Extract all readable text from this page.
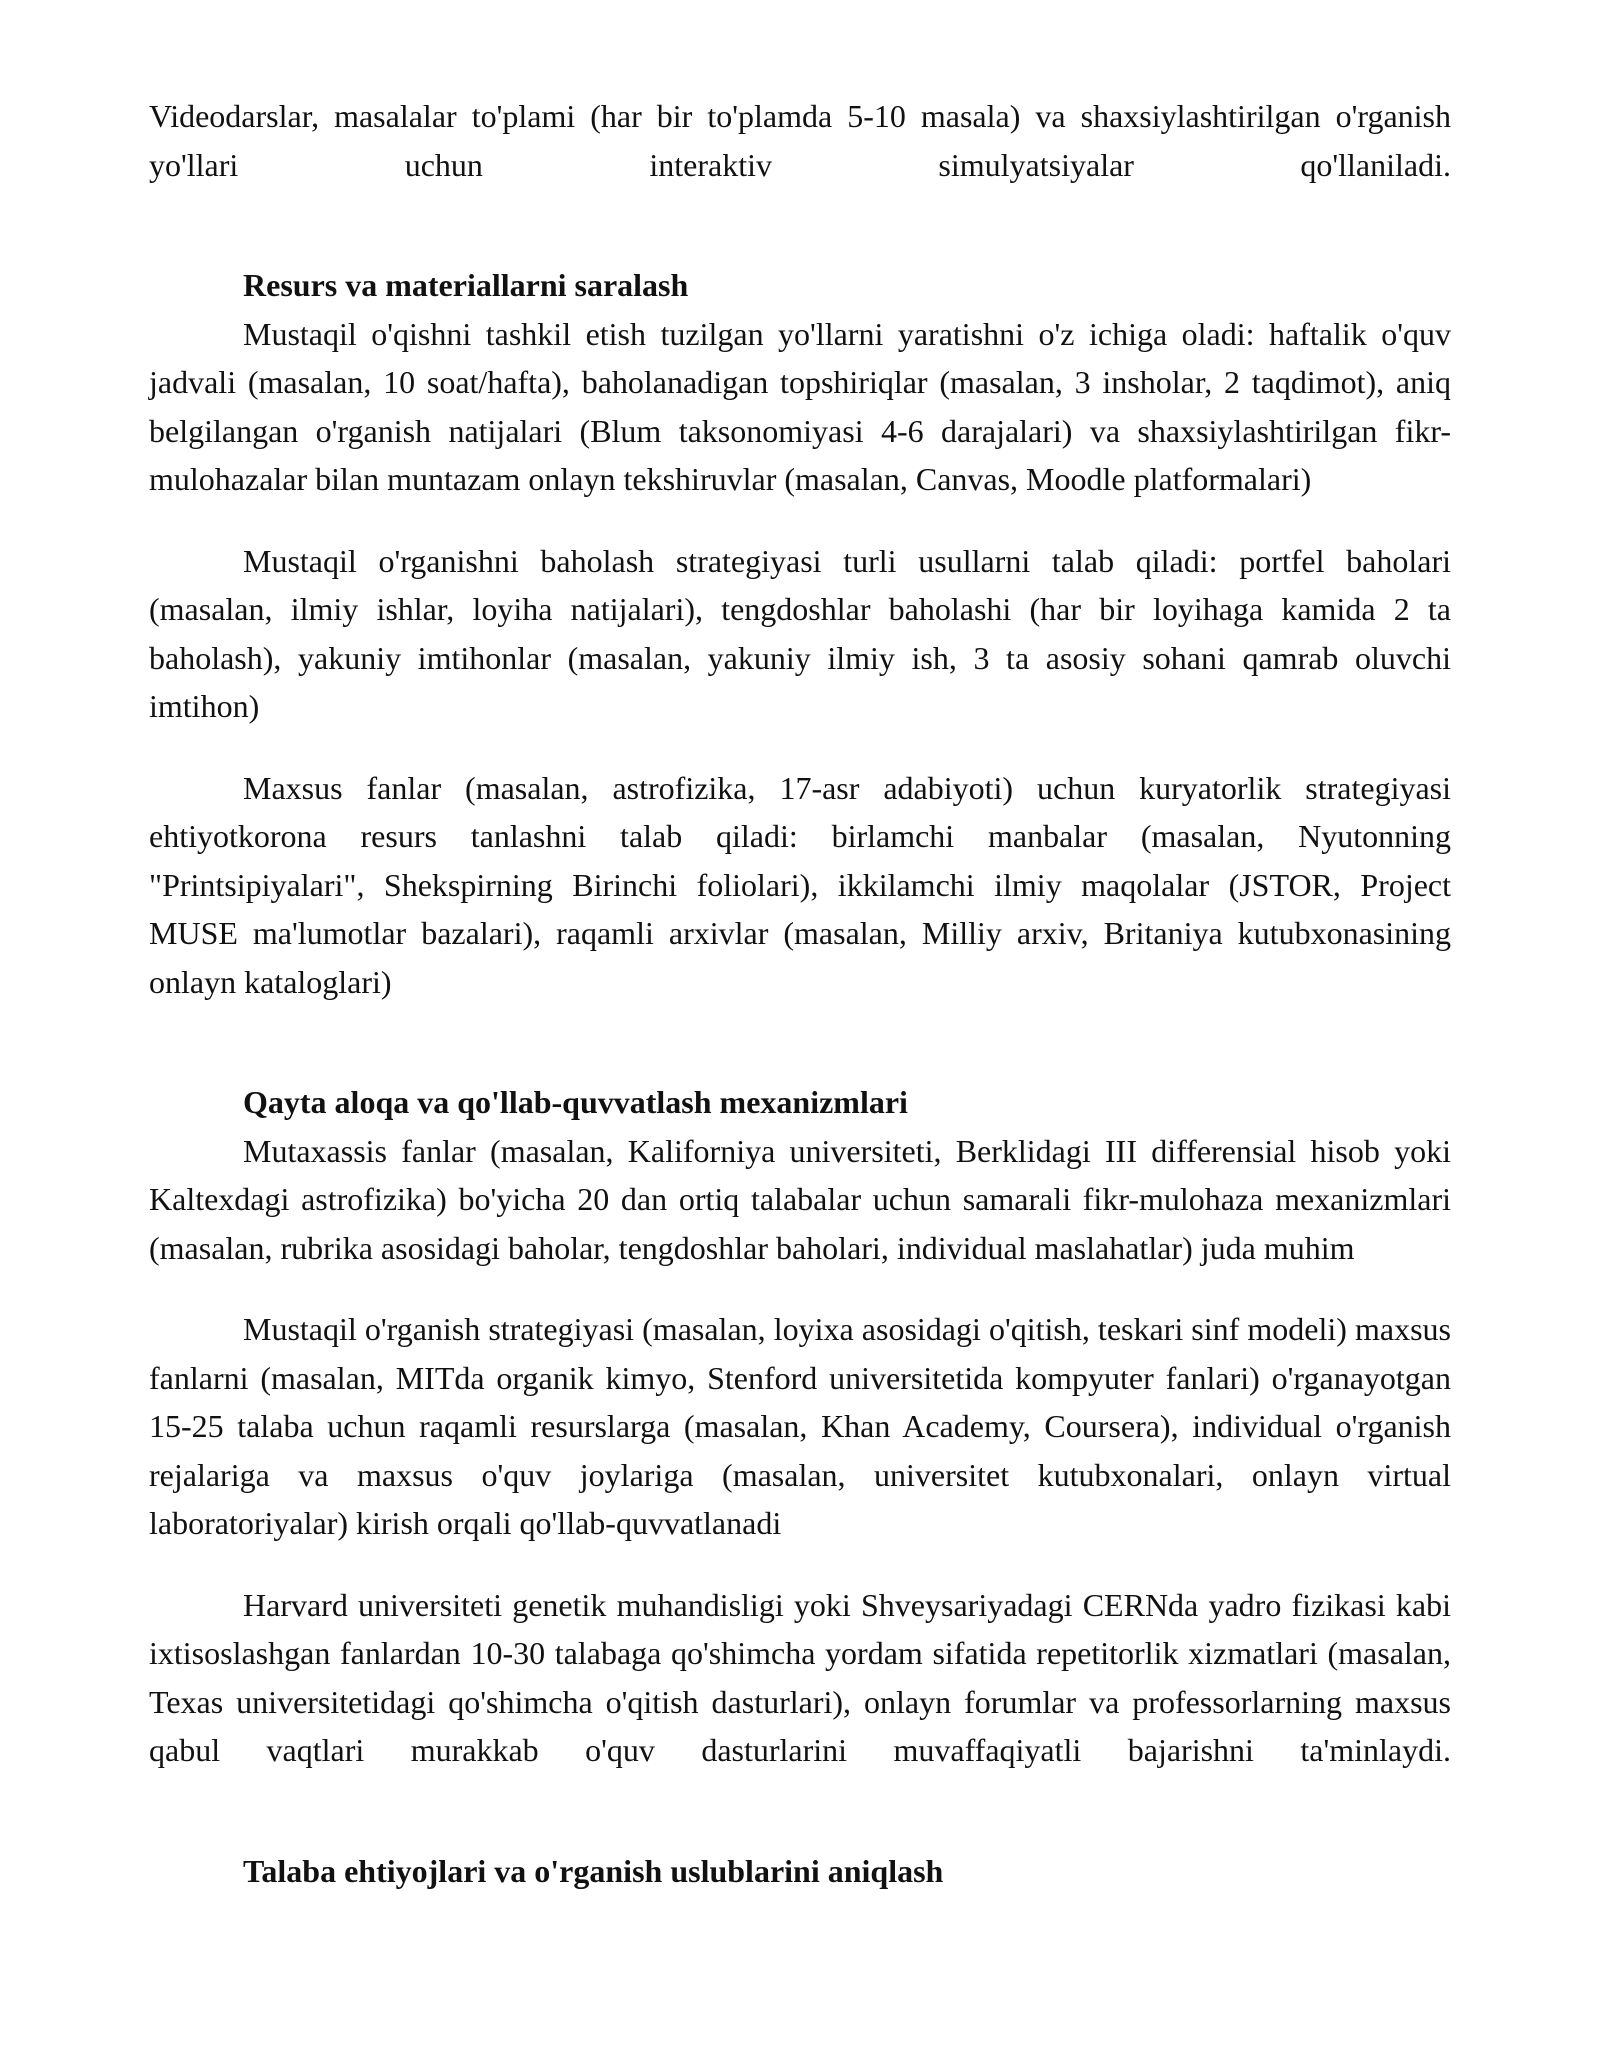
Videodarslar, masalalar to'plami (har bir to'plamda 5-10 masala) va shaxsiylashtirilgan o'rganish yo'llari uchun interaktiv simulyatsiyalar qo'llaniladi.

Resurs va materiallarni saralash

Mustaqil o'qishni tashkil etish tuzilgan yo'llarni yaratishni o'z ichiga oladi: haftalik o'quv jadvali (masalan, 10 soat/hafta), baholanadigan topshiriqlar (masalan, 3 insholar, 2 taqdimot), aniq belgilangan o'rganish natijalari (Blum taksonomiyasi 4-6 darajalari) va shaxsiylashtirilgan fikr-mulohazalar bilan muntazam onlayn tekshiruvlar (masalan, Canvas, Moodle platformalari)

Mustaqil o'rganishni baholash strategiyasi turli usullarni talab qiladi: portfel baholari (masalan, ilmiy ishlar, loyiha natijalari), tengdoshlar baholashi (har bir loyihaga kamida 2 ta baholash), yakuniy imtihonlar (masalan, yakuniy ilmiy ish, 3 ta asosiy sohani qamrab oluvchi imtihon)

Maxsus fanlar (masalan, astrofizika, 17-asr adabiyoti) uchun kuryatorlik strategiyasi ehtiyotkorona resurs tanlashni talab qiladi: birlamchi manbalar (masalan, Nyutonning "Printsipiyalari", Shekspirning Birinchi foliolari), ikkilamchi ilmiy maqolalar (JSTOR, Project MUSE ma'lumotlar bazalari), raqamli arxivlar (masalan, Milliy arxiv, Britaniya kutubxonasining onlayn kataloglari)

Qayta aloqa va qo'llab-quvvatlash mexanizmlari

Mutaxassis fanlar (masalan, Kaliforniya universiteti, Berklidagi III differensial hisob yoki Kaltexdagi astrofizika) bo'yicha 20 dan ortiq talabalar uchun samarali fikr-mulohaza mexanizmlari (masalan, rubrika asosidagi baholar, tengdoshlar baholari, individual maslahatlar) juda muhim

Mustaqil o'rganish strategiyasi (masalan, loyixa asosidagi o'qitish, teskari sinf modeli) maxsus fanlarni (masalan, MITda organik kimyo, Stenford universitetida kompyuter fanlari) o'rganayotgan 15-25 talaba uchun raqamli resurslarga (masalan, Khan Academy, Coursera), individual o'rganish rejalariga va maxsus o'quv joylariga (masalan, universitet kutubxonalari, onlayn virtual laboratoriyalar) kirish orqali qo'llab-quvvatlanadi

Harvard universiteti genetik muhandisligi yoki Shveysariyadagi CERNda yadro fizikasi kabi ixtisoslashgan fanlardan 10-30 talabaga qo'shimcha yordam sifatida repetitorlik xizmatlari (masalan, Texas universitetidagi qo'shimcha o'qitish dasturlari), onlayn forumlar va professorlarning maxsus qabul vaqtlari murakkab o'quv dasturlarini muvaffaqiyatli bajarishni ta'minlaydi.

Talaba ehtiyojlari va o'rganish uslublarini aniqlash
